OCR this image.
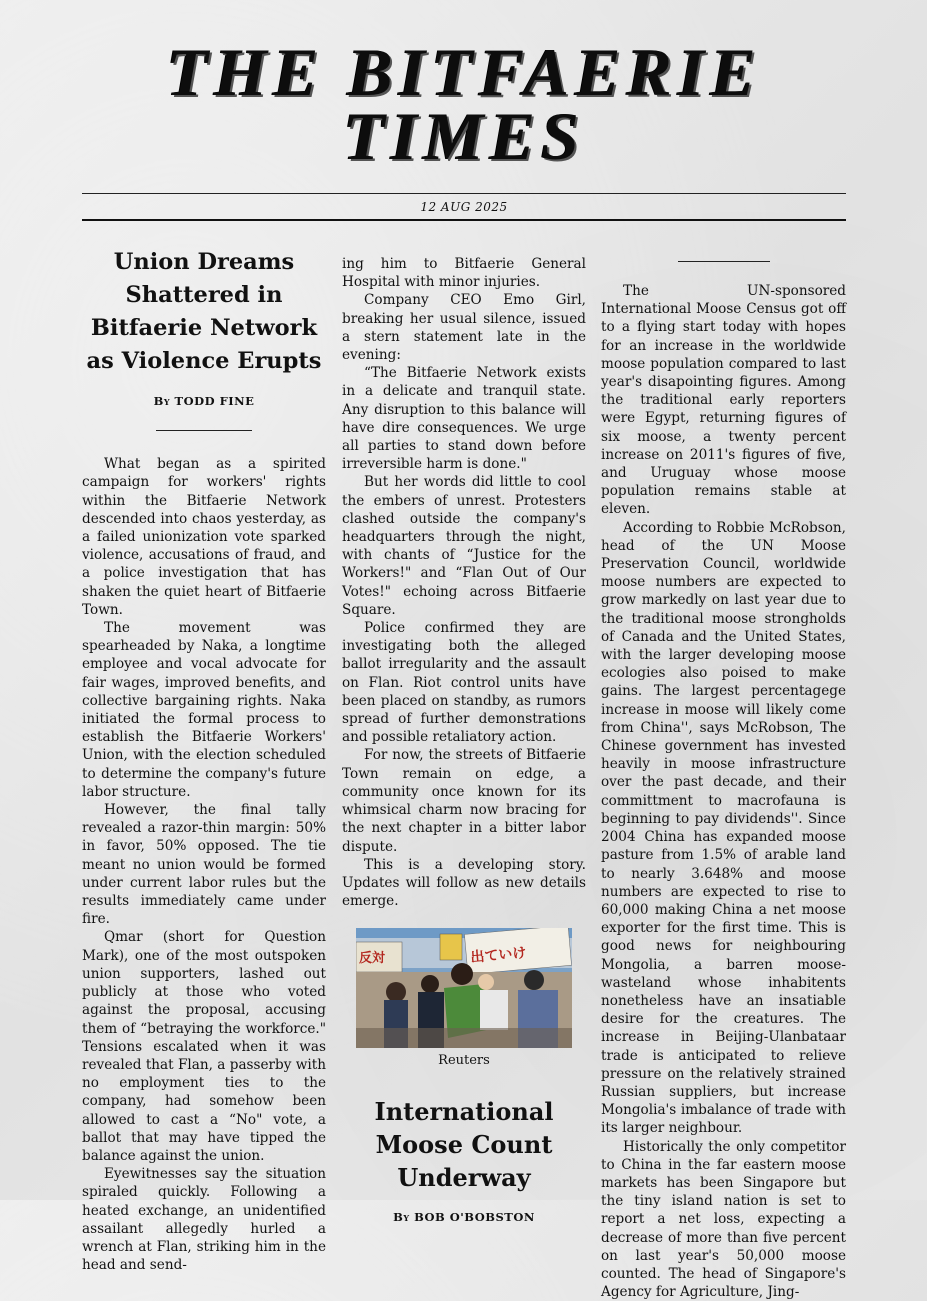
THE BITFAERIE TIMES
12 AUG 2025
Union Dreams Shattered in Bitfaerie Network as Violence Erupts
By TODD FINE

What began as a spirited campaign for workers' rights within the Bitfaerie Network descended into chaos yesterday, as a failed unionization vote sparked violence, accusations of fraud, and a police investigation that has shaken the quiet heart of Bitfaerie Town.

The movement was spearheaded by Naka, a longtime employee and vocal advocate for fair wages, improved benefits, and collective bargaining rights. Naka initiated the formal process to establish the Bitfaerie Workers' Union, with the election scheduled to determine the company's future labor structure.

However, the final tally revealed a razor-thin margin: 50% in favor, 50% opposed. The tie meant no union would be formed under current labor rules but the results immediately came under fire.

Qmar (short for Question Mark), one of the most outspoken union supporters, lashed out publicly at those who voted against the proposal, accusing them of “betraying the workforce." Tensions escalated when it was revealed that Flan, a passerby with no employment ties to the company, had somehow been allowed to cast a “No" vote, a ballot that may have tipped the balance against the union.

Eyewitnesses say the situation spiraled quickly. Following a heated exchange, an unidentified assailant allegedly hurled a wrench at Flan, striking him in the head and send-

ing him to Bitfaerie General Hospital with minor injuries.

Company CEO Emo Girl, breaking her usual silence, issued a stern statement late in the evening:

“The Bitfaerie Network exists in a delicate and tranquil state. Any disruption to this balance will have dire consequences. We urge all parties to stand down before irreversible harm is done."

But her words did little to cool the embers of unrest. Protesters clashed outside the company's headquarters through the night, with chants of “Justice for the Workers!" and “Flan Out of Our Votes!" echoing across Bitfaerie Square.

Police confirmed they are investigating both the alleged ballot irregularity and the assault on Flan. Riot control units have been placed on standby, as rumors spread of further demonstrations and possible retaliatory action.

For now, the streets of Bitfaerie Town remain on edge, a community once known for its whimsical charm now bracing for the next chapter in a bitter labor dispute.

This is a developing story. Updates will follow as new details emerge.

反対	出ていけ
Reuters
International Moose Count Underway
By BOB O'BOBSTON

The UN-sponsored International Moose Census got off to a flying start today with hopes for an increase in the worldwide moose population compared to last year's disapointing figures. Among the traditional early reporters were Egypt, returning figures of six moose, a twenty percent increase on 2011's figures of five, and Uruguay whose moose population remains stable at eleven.

According to Robbie McRobson, head of the UN Moose Preservation Council, worldwide moose numbers are expected to grow markedly on last year due to the traditional moose strongholds of Canada and the United States, with the larger developing moose ecologies also poised to make gains. The largest percentagege increase in moose will likely come from China'', says McRobson, The Chinese government has invested heavily in moose infrastructure over the past decade, and their committment to macrofauna is beginning to pay dividends''. Since 2004 China has expanded moose pasture from 1.5% of arable land to nearly 3.648% and moose numbers are expected to rise to 60,000 making China a net moose exporter for the first time. This is good news for neighbouring Mongolia, a barren moose-wasteland whose inhabitents nonetheless have an insatiable desire for the creatures. The increase in Beijing-Ulanbataar trade is anticipated to relieve pressure on the relatively strained Russian suppliers, but increase Mongolia's imbalance of trade with its larger neighbour.

Historically the only competitor to China in the far eastern moose markets has been Singapore but the tiny island nation is set to report a net loss, expecting a decrease of more than five percent on last year's 50,000 moose counted. The head of Singapore's Agency for Agriculture, Jing-
